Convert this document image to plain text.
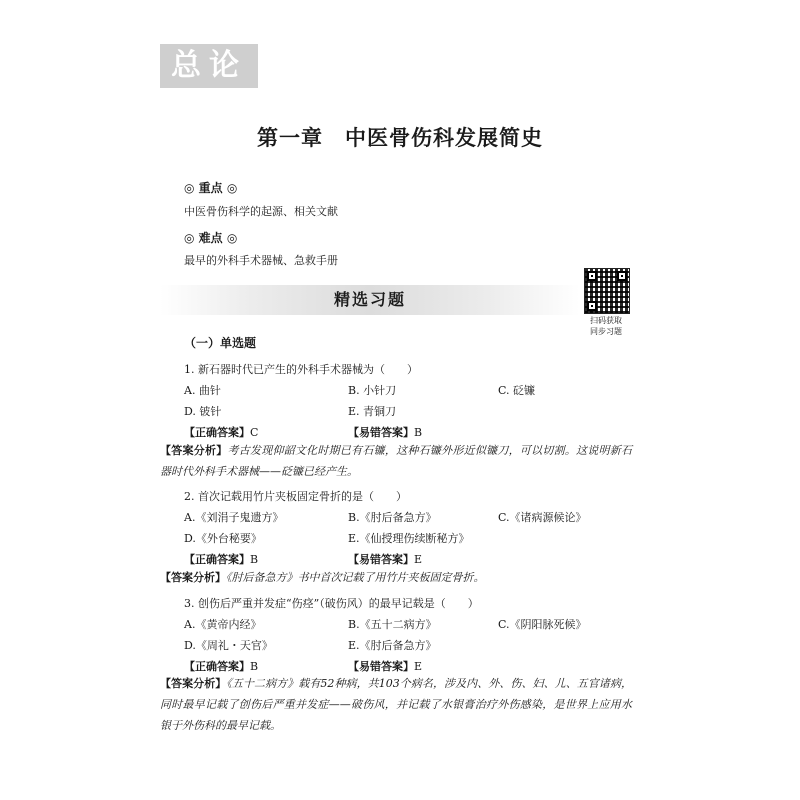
总论
第一章　中医骨伤科发展简史
◎ 重点 ◎
中医骨伤科学的起源、相关文献
◎ 难点 ◎
最早的外科手术器械、急救手册
精选习题
扫码获取
同步习题
（一）单选题
1. 新石器时代已产生的外科手术器械为（　　）
A. 曲针	B. 小针刀	C. 砭镰
D. 铍针	E. 青铜刀
【正确答案】C	【易错答案】B
【答案分析】考古发现仰韶文化时期已有石镰，这种石镰外形近似镰刀，可以切割。这说明新石器时代外科手术器械——砭镰已经产生。
2. 首次记载用竹片夹板固定骨折的是（　　）
A.《刘涓子鬼遗方》	B.《肘后备急方》	C.《诸病源候论》
D.《外台秘要》	E.《仙授理伤续断秘方》
【正确答案】B	【易错答案】E
【答案分析】《肘后备急方》书中首次记载了用竹片夹板固定骨折。
3. 创伤后严重并发症“伤痉”（破伤风）的最早记载是（　　）
A.《黄帝内经》	B.《五十二病方》	C.《阴阳脉死候》
D.《周礼・天官》	E.《肘后备急方》
【正确答案】B	【易错答案】E
【答案分析】《五十二病方》载有52种病，共103个病名，涉及内、外、伤、妇、儿、五官诸病，同时最早记载了创伤后严重并发症——破伤风，并记载了水银膏治疗外伤感染，是世界上应用水银于外伤科的最早记载。
